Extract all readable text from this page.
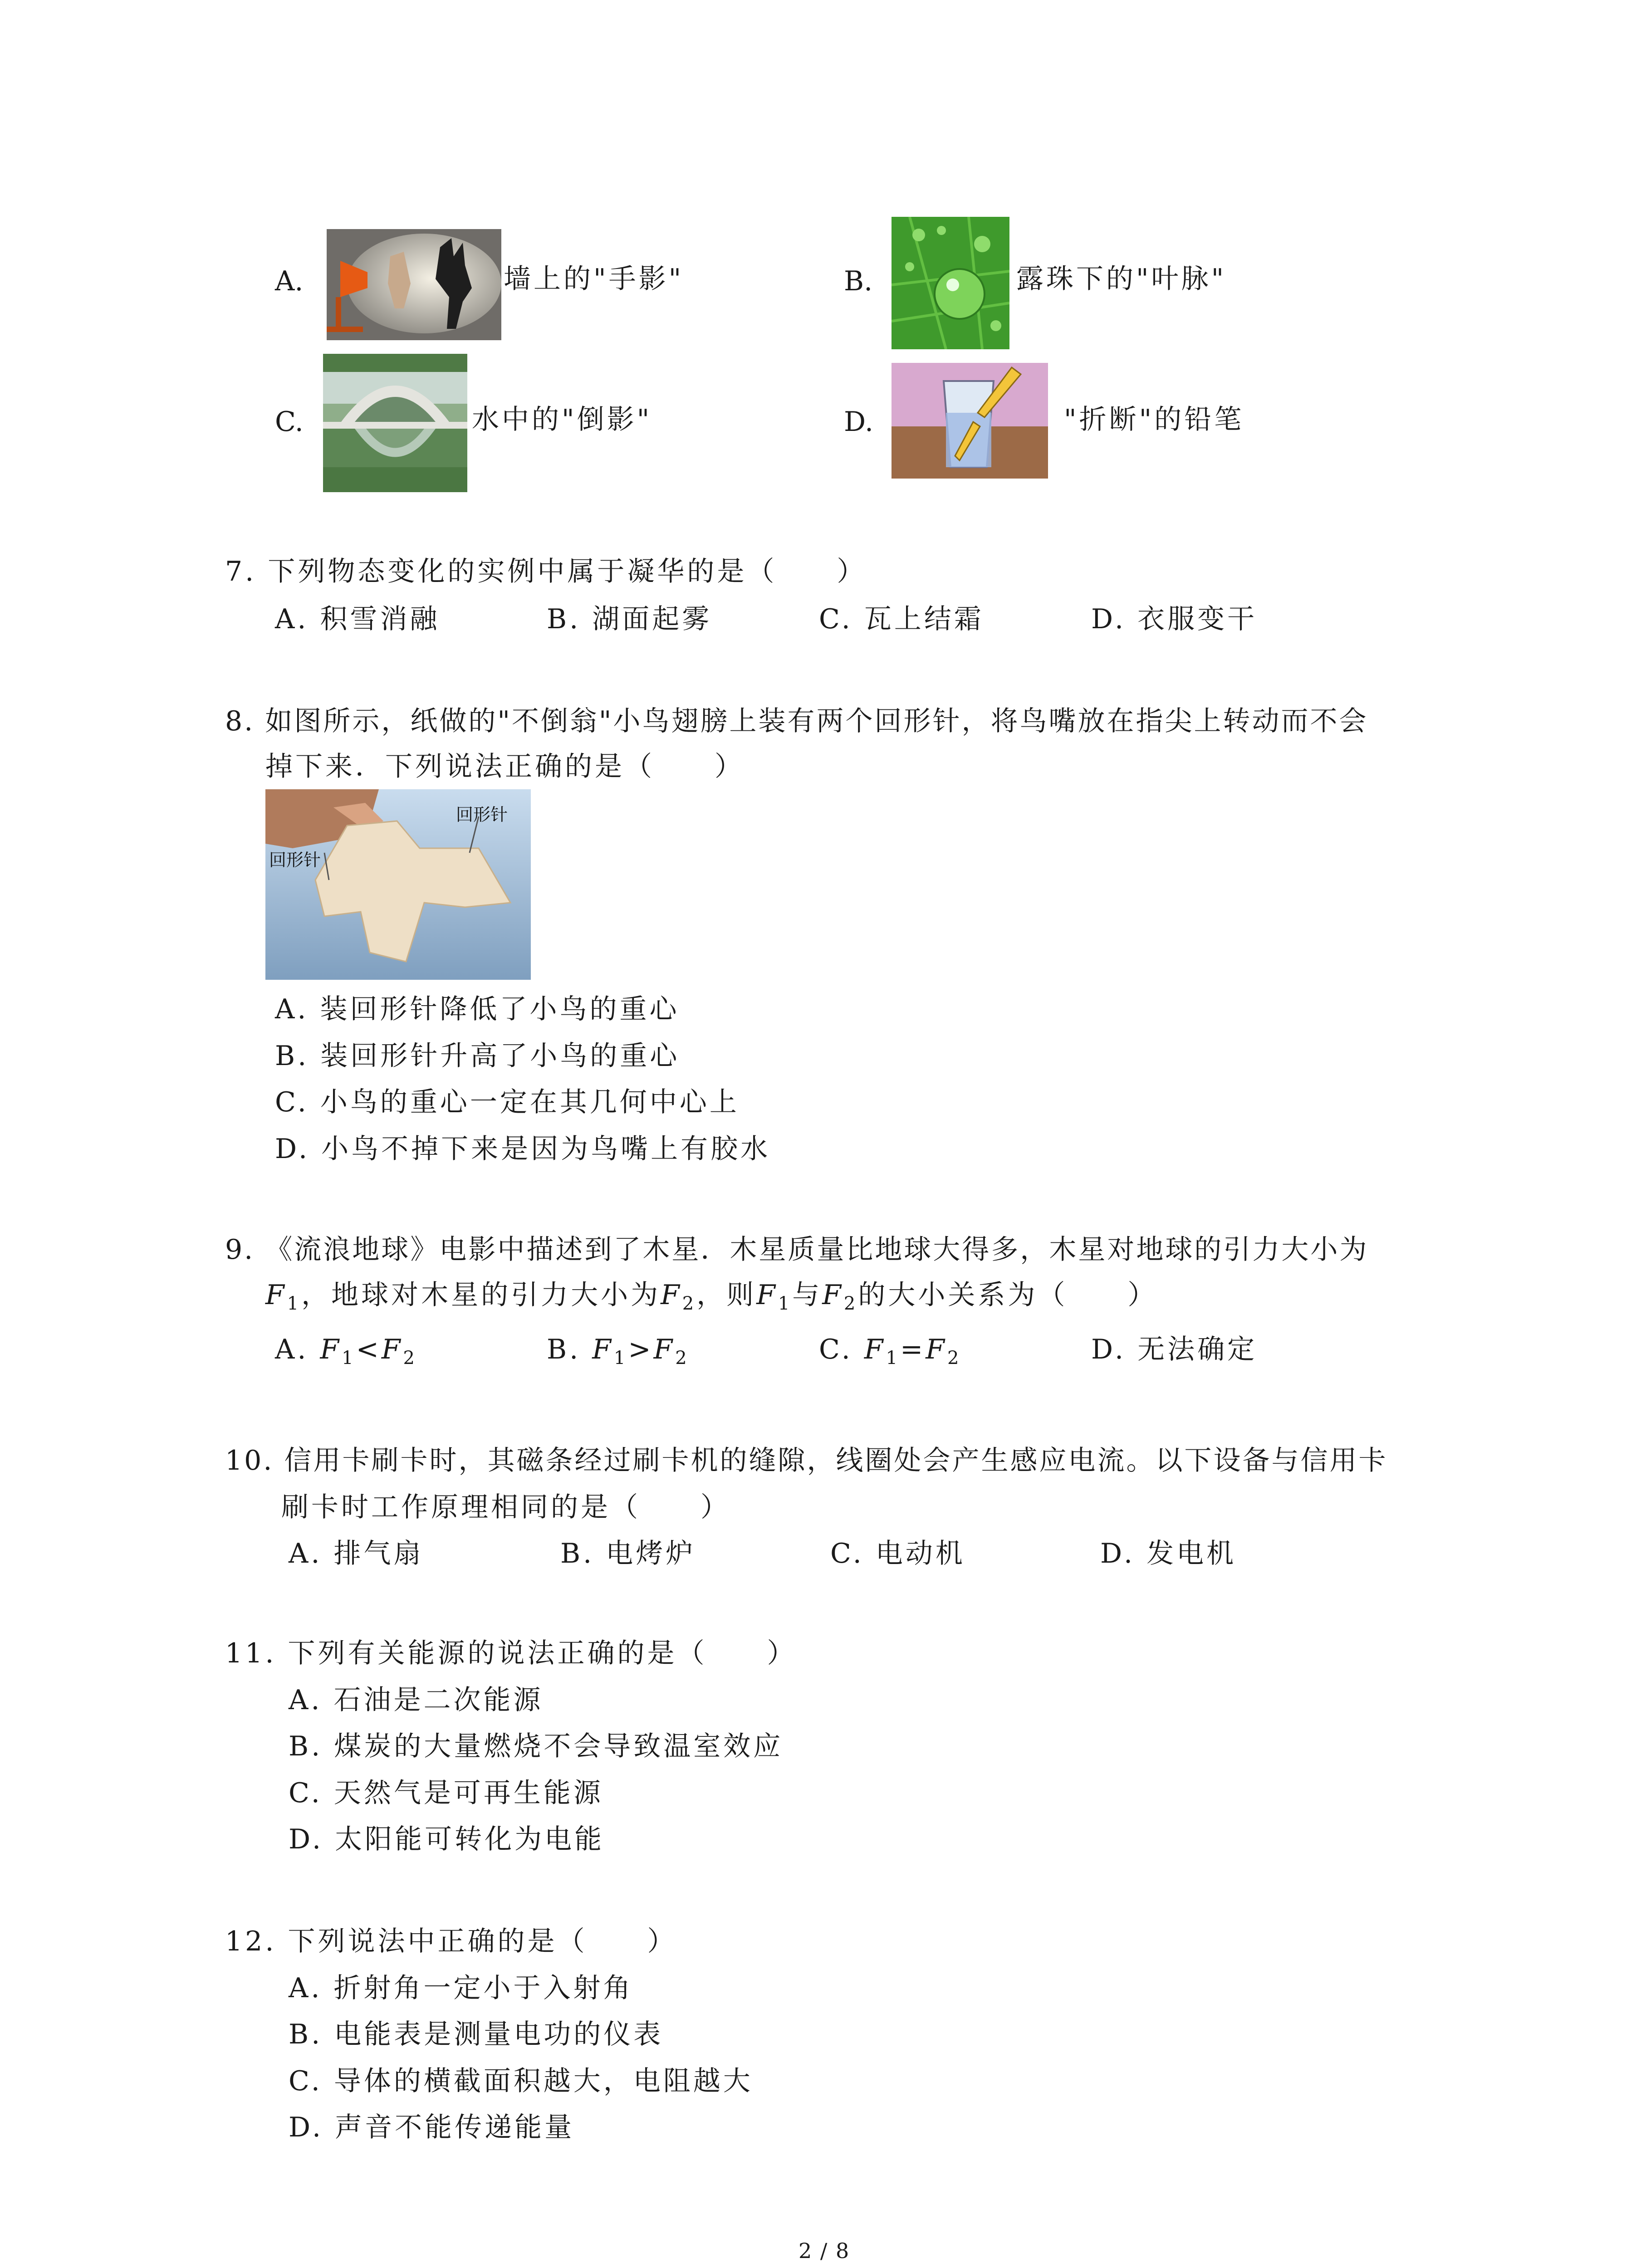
A.	墙上的"手影"	B.	露珠下的"叶脉"
C.	水中的"倒影"	D.	"折断"的铅笔
7. 下列物态变化的实例中属于凝华的是（　　）
A. 积雪消融	B. 湖面起雾	C. 瓦上结霜	D. 衣服变干
8. 如图所示，纸做的"不倒翁"小鸟翅膀上装有两个回形针，将鸟嘴放在指尖上转动而不会
掉下来．下列说法正确的是（　　）
回形针
回形针
A. 装回形针降低了小鸟的重心
B. 装回形针升高了小鸟的重心
C. 小鸟的重心一定在其几何中心上
D. 小鸟不掉下来是因为鸟嘴上有胶水
9. 《流浪地球》电影中描述到了木星．木星质量比地球大得多，木星对地球的引力大小为
$F_1$，地球对木星的引力大小为$F_2$，则$F_1$与$F_2$的大小关系为（　　）
A. $F_1<F_2$	B. $F_1>F_2$	C. $F_1=F_2$	D. 无法确定
10. 信用卡刷卡时，其磁条经过刷卡机的缝隙，线圈处会产生感应电流。以下设备与信用卡
刷卡时工作原理相同的是（　　）
A. 排气扇	B. 电烤炉	C. 电动机	D. 发电机
11. 下列有关能源的说法正确的是（　　）
A. 石油是二次能源
B. 煤炭的大量燃烧不会导致温室效应
C. 天然气是可再生能源
D. 太阳能可转化为电能
12. 下列说法中正确的是（　　）
A. 折射角一定小于入射角
B. 电能表是测量电功的仪表
C. 导体的横截面积越大，电阻越大
D. 声音不能传递能量
2 / 8
